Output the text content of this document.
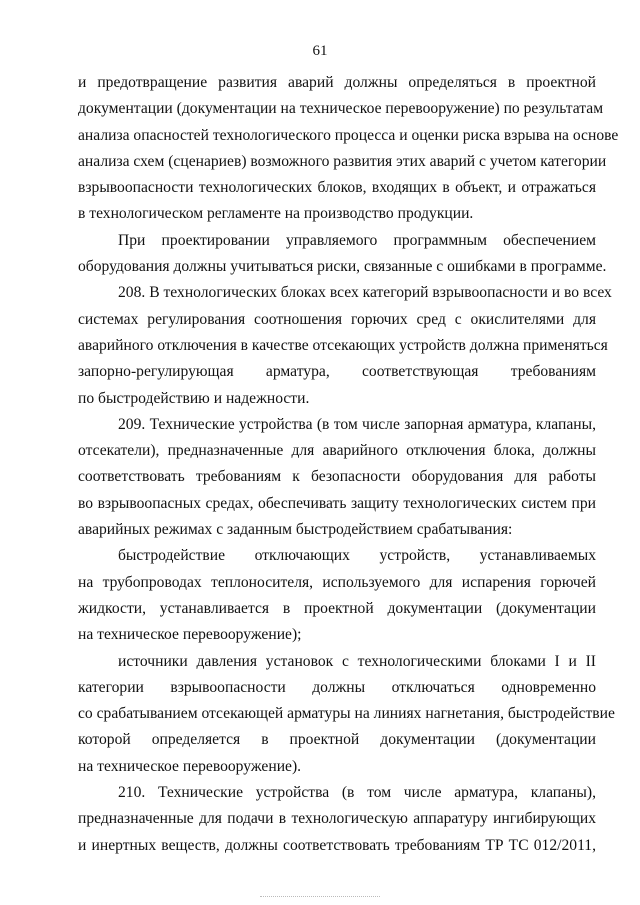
61
и предотвращение развития аварий должны определяться в проектной
документации (документации на техническое перевооружение) по результатам
анализа опасностей технологического процесса и оценки риска взрыва на основе
анализа схем (сценариев) возможного развития этих аварий с учетом категории
взрывоопасности технологических блоков, входящих в объект, и отражаться
в технологическом регламенте на производство продукции.
При проектировании управляемого программным обеспечением
оборудования должны учитываться риски, связанные с ошибками в программе.
208. В технологических блоках всех категорий взрывоопасности и во всех
системах регулирования соотношения горючих сред с окислителями для
аварийного отключения в качестве отсекающих устройств должна применяться
запорно-регулирующая арматура, соответствующая требованиям
по быстродействию и надежности.
209. Технические устройства (в том числе запорная арматура, клапаны,
отсекатели), предназначенные для аварийного отключения блока, должны
соответствовать требованиям к безопасности оборудования для работы
во взрывоопасных средах, обеспечивать защиту технологических систем при
аварийных режимах с заданным быстродействием срабатывания:
быстродействие отключающих устройств, устанавливаемых
на трубопроводах теплоносителя, используемого для испарения горючей
жидкости, устанавливается в проектной документации (документации
на техническое перевооружение);
источники давления установок с технологическими блоками I и II
категории взрывоопасности должны отключаться одновременно
со срабатыванием отсекающей арматуры на линиях нагнетания, быстродействие
которой определяется в проектной документации (документации
на техническое перевооружение).
210. Технические устройства (в том числе арматура, клапаны),
предназначенные для подачи в технологическую аппаратуру ингибирующих
и инертных веществ, должны соответствовать требованиям ТР ТС 012/2011,
